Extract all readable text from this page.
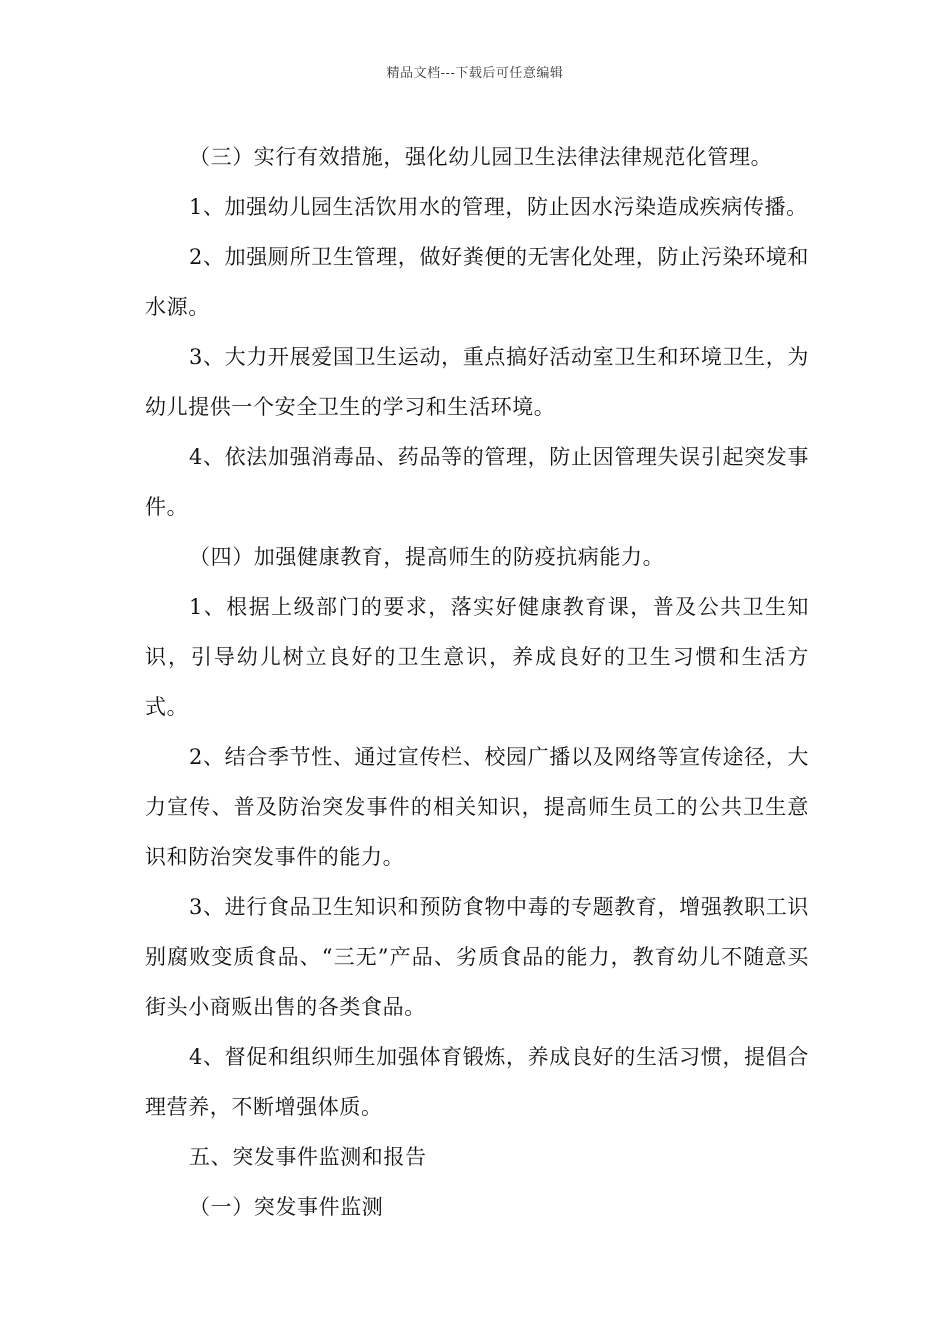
精品文档---下载后可任意编辑

（三）实行有效措施，强化幼儿园卫生法律法律规范化管理。

1、加强幼儿园生活饮用水的管理，防止因水污染造成疾病传播。

2、加强厕所卫生管理，做好粪便的无害化处理，防止污染环境和水源。

3、大力开展爱国卫生运动，重点搞好活动室卫生和环境卫生，为幼儿提供一个安全卫生的学习和生活环境。

4、依法加强消毒品、药品等的管理，防止因管理失误引起突发事件。

（四）加强健康教育，提高师生的防疫抗病能力。

1、根据上级部门的要求，落实好健康教育课，普及公共卫生知识，引导幼儿树立良好的卫生意识，养成良好的卫生习惯和生活方式。

2、结合季节性、通过宣传栏、校园广播以及网络等宣传途径，大力宣传、普及防治突发事件的相关知识，提高师生员工的公共卫生意识和防治突发事件的能力。

3、进行食品卫生知识和预防食物中毒的专题教育，增强教职工识别腐败变质食品、“三无”产品、劣质食品的能力，教育幼儿不随意买街头小商贩出售的各类食品。

4、督促和组织师生加强体育锻炼，养成良好的生活习惯，提倡合理营养，不断增强体质。

五、突发事件监测和报告

（一）突发事件监测
